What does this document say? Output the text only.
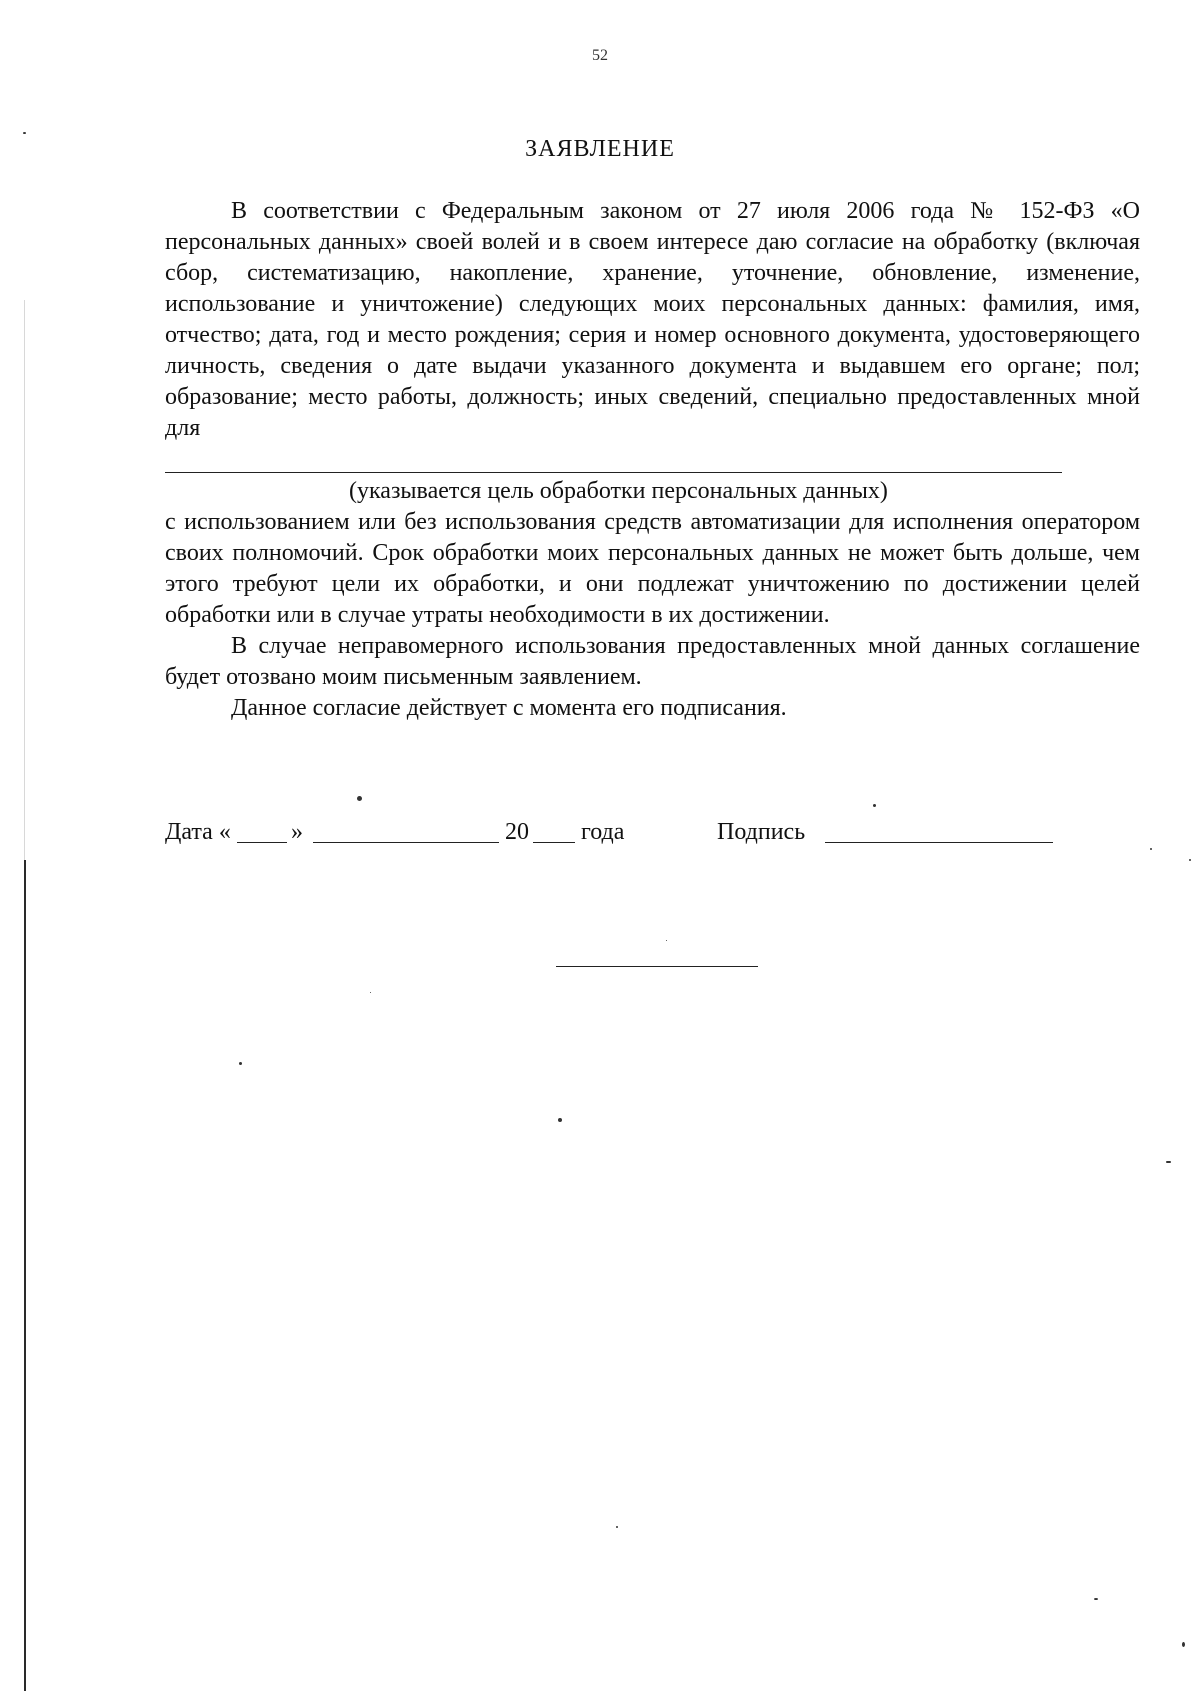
52
ЗАЯВЛЕНИЕ

В соответствии с Федеральным законом от 27 июля 2006 года № 152-ФЗ «О персональных данных» своей волей и в своем интересе даю согласие на обработку (включая сбор, систематизацию, накопление, хранение, уточнение, обновление, изменение, использование и уничтожение) следующих моих персональных данных: фамилия, имя, отчество; дата, год и место рождения; серия и номер основного документа, удостоверяющего личность, сведения о дате выдачи указанного документа и выдавшем его органе; пол; образование; место работы, должность; иных сведений, специально предоставленных мной для

(указывается цель обработки персональных данных)

с использованием или без использования средств автоматизации для исполнения оператором своих полномочий. Срок обработки моих персональных данных не может быть дольше, чем этого требуют цели их обработки, и они подлежат уничтожению по достижении целей обработки или в случае утраты необходимости в их достижении.

В случае неправомерного использования предоставленных мной данных соглашение будет отозвано моим письменным заявлением.

Данное согласие действует с момента его подписания.

Дата «	»	20 года	Подпись
